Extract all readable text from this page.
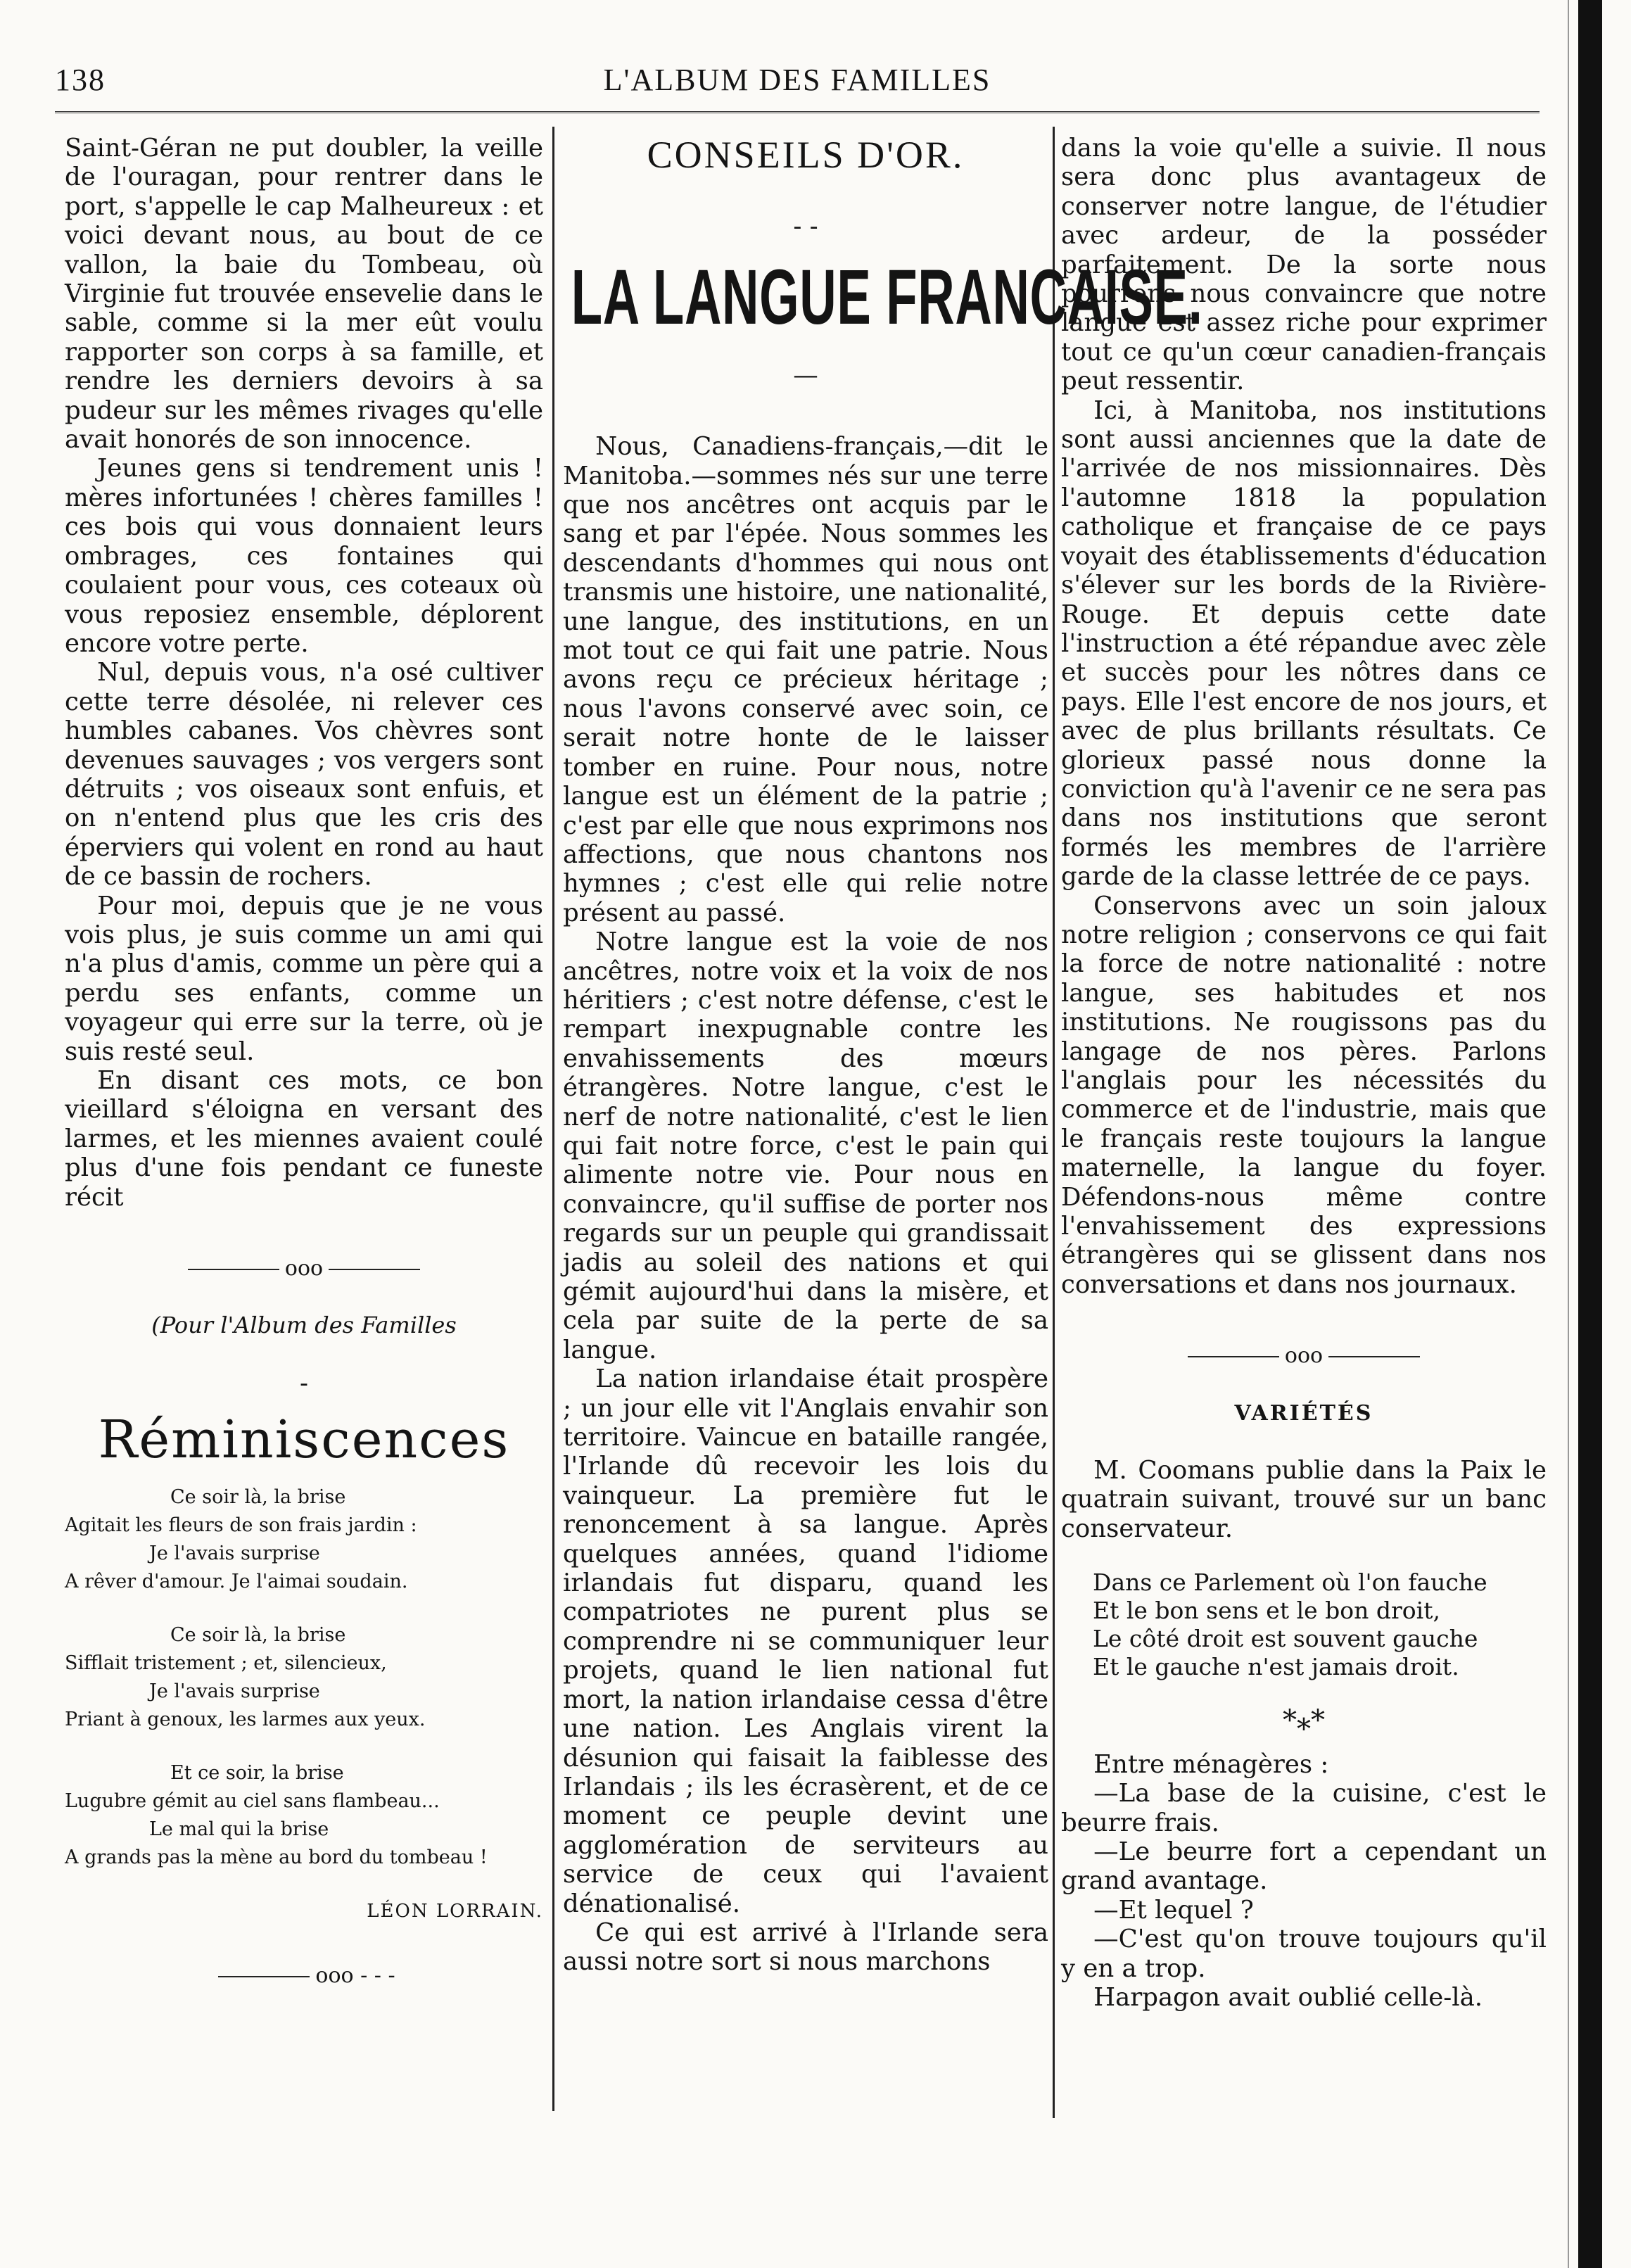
138	L'ALBUM DES FAMILLES

Saint-Géran ne put doubler, la veille de l'ouragan, pour rentrer dans le port, s'appelle le cap Malheureux : et voici devant nous, au bout de ce vallon, la baie du Tombeau, où Virginie fut trouvée ensevelie dans le sable, comme si la mer eût voulu rapporter son corps à sa famille, et rendre les derniers devoirs à sa pudeur sur les mêmes rivages qu'elle avait honorés de son innocence.

Jeunes gens si tendrement unis ! mères infortunées ! chères familles ! ces bois qui vous donnaient leurs ombrages, ces fontaines qui coulaient pour vous, ces coteaux où vous reposiez ensemble, déplorent encore votre perte.

Nul, depuis vous, n'a osé cultiver cette terre désolée, ni relever ces humbles cabanes. Vos chèvres sont devenues sauvages ; vos vergers sont détruits ; vos oiseaux sont enfuis, et on n'entend plus que les cris des éperviers qui volent en rond au haut de ce bassin de rochers.

Pour moi, depuis que je ne vous vois plus, je suis comme un ami qui n'a plus d'amis, comme un père qui a perdu ses enfants, comme un voyageur qui erre sur la terre, où je suis resté seul.

En disant ces mots, ce bon vieillard s'éloigna en versant des larmes, et les miennes avaient coulé plus d'une fois pendant ce funeste récit

ooo
(Pour l'Album des Familles
-
Réminiscences
Ce soir là, la brise
Agitait les fleurs de son frais jardin :
Je l'avais surprise
A rêver d'amour. Je l'aimai soudain.
Ce soir là, la brise
Sifflait tristement ; et, silencieux,
Je l'avais surprise
Priant à genoux, les larmes aux yeux.
Et ce soir, la brise
Lugubre gémit au ciel sans flambeau...
Le mal qui la brise
A grands pas la mène au bord du tombeau !
LÉON LORRAIN.
ooo - - -
CONSEILS D'OR.
- -
LA LANGUE FRANCAISE.
—

Nous, Canadiens-français,—dit le Manitoba.—sommes nés sur une terre que nos ancêtres ont acquis par le sang et par l'épée. Nous sommes les descendants d'hommes qui nous ont transmis une histoire, une nationalité, une langue, des institutions, en un mot tout ce qui fait une patrie. Nous avons reçu ce précieux héritage ; nous l'avons conservé avec soin, ce serait notre honte de le laisser tomber en ruine. Pour nous, notre langue est un élément de la patrie ; c'est par elle que nous exprimons nos affections, que nous chantons nos hymnes ; c'est elle qui relie notre présent au passé.

Notre langue est la voie de nos ancêtres, notre voix et la voix de nos héritiers ; c'est notre défense, c'est le rempart inexpugnable contre les envahissements des mœurs étrangères. Notre langue, c'est le nerf de notre nationalité, c'est le lien qui fait notre force, c'est le pain qui alimente notre vie. Pour nous en convaincre, qu'il suffise de porter nos regards sur un peuple qui grandissait jadis au soleil des nations et qui gémit aujourd'hui dans la misère, et cela par suite de la perte de sa langue.

La nation irlandaise était prospère ; un jour elle vit l'Anglais envahir son territoire. Vaincue en bataille rangée, l'Irlande dû recevoir les lois du vainqueur. La première fut le renoncement à sa langue. Après quelques années, quand l'idiome irlandais fut disparu, quand les compatriotes ne purent plus se comprendre ni se communiquer leur projets, quand le lien national fut mort, la nation irlandaise cessa d'être une nation. Les Anglais virent la désunion qui faisait la faiblesse des Irlandais ; ils les écrasèrent, et de ce moment ce peuple devint une agglomération de serviteurs au service de ceux qui l'avaient dénationalisé.

Ce qui est arrivé à l'Irlande sera aussi notre sort si nous marchons

dans la voie qu'elle a suivie. Il nous sera donc plus avantageux de conserver notre langue, de l'étudier avec ardeur, de la posséder parfaitement. De la sorte nous pourrons nous convaincre que notre langue est assez riche pour exprimer tout ce qu'un cœur canadien-français peut ressentir.

Ici, à Manitoba, nos institutions sont aussi anciennes que la date de l'arrivée de nos missionnaires. Dès l'automne 1818 la population catholique et française de ce pays voyait des établissements d'éducation s'élever sur les bords de la Rivière-Rouge. Et depuis cette date l'instruction a été répandue avec zèle et succès pour les nôtres dans ce pays. Elle l'est encore de nos jours, et avec de plus brillants résultats. Ce glorieux passé nous donne la conviction qu'à l'avenir ce ne sera pas dans nos institutions que seront formés les membres de l'arrière garde de la classe lettrée de ce pays.

Conservons avec un soin jaloux notre religion ; conservons ce qui fait la force de notre nationalité : notre langue, ses habitudes et nos institutions. Ne rougissons pas du langage de nos pères. Parlons l'anglais pour les nécessités du commerce et de l'industrie, mais que le français reste toujours la langue maternelle, la langue du foyer. Défendons-nous même contre l'envahissement des expressions étrangères qui se glissent dans nos conversations et dans nos journaux.

ooo
VARIÉTÉS

M. Coomans publie dans la Paix le quatrain suivant, trouvé sur un banc conservateur.

Dans ce Parlement où l'on fauche
Et le bon sens et le bon droit,
Le côté droit est souvent gauche
Et le gauche n'est jamais droit.
*⁎*

Entre ménagères :

—La base de la cuisine, c'est le beurre frais.

—Le beurre fort a cependant un grand avantage.

—Et lequel ?

—C'est qu'on trouve toujours qu'il y en a trop.

Harpagon avait oublié celle-là.
